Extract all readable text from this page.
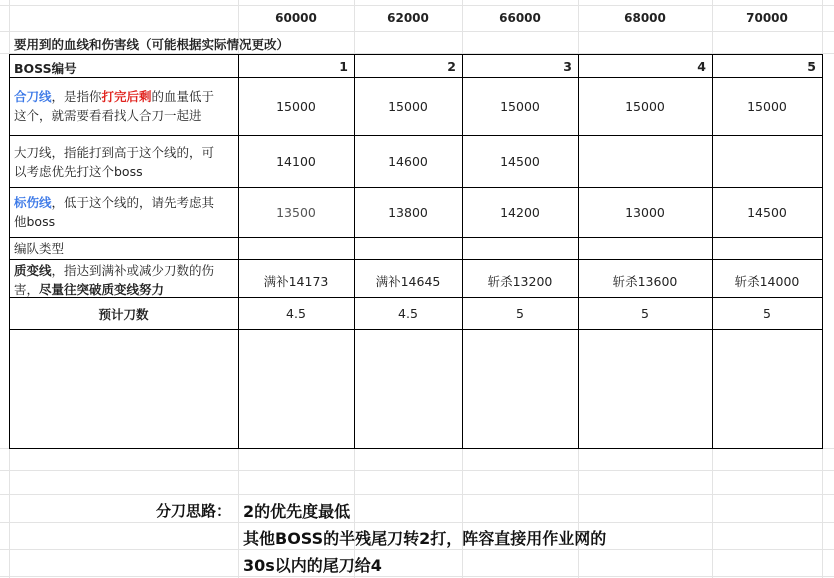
60000	62000	66000	68000	70000
要用到的血线和伤害线（可能根据实际情况更改）
BOSS编号	1	2	3	4	5
合刀线，是指你打完后剩的血量低于
这个，就需要看看找人合刀一起进
15000	15000	15000	15000	15000
大刀线，指能打到高于这个线的，可
以考虑优先打这个boss
14100	14600	14500
标伤线，低于这个线的，请先考虑其
他boss
13500	13800	14200	13000	14500
编队类型
质变线，指达到满补或减少刀数的伤
害，尽量往突破质变线努力
满补14173	满补14645	斩杀13200	斩杀13600	斩杀14000
预计刀数	4.5	4.5	5	5	5
分刀思路： 2的优先度最低
其他BOSS的半残尾刀转2打，阵容直接用作业网的
30s以内的尾刀给4
